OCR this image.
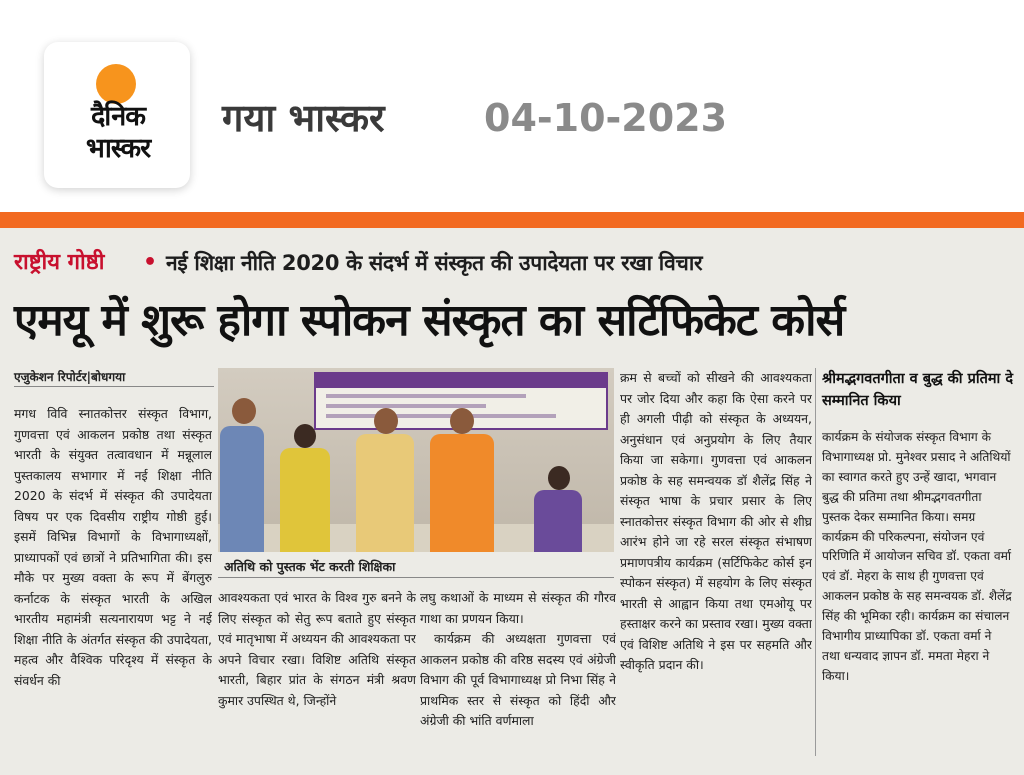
दैनिक
भास्कर
गया भास्कर	04-10-2023
राष्ट्रीय गोष्ठी • नई शिक्षा नीति 2020 के संदर्भ में संस्कृत की उपादेयता पर रखा विचार
एमयू में शुरू होगा स्पोकन संस्कृत का सर्टिफिकेट कोर्स
एजुकेशन रिपोर्टर|बोधगया

मगध विवि स्नातकोत्तर संस्कृत विभाग, गुणवत्ता एवं आकलन प्रकोष्ठ तथा संस्कृत भारती के संयुक्त तत्वावधान में मन्नूलाल पुस्तकालय सभागार में नई शिक्षा नीति 2020 के संदर्भ में संस्कृत की उपादेयता विषय पर एक दिवसीय राष्ट्रीय गोष्ठी हुई। इसमें विभिन्न विभागों के विभागाध्यक्षों, प्राध्यापकों एवं छात्रों ने प्रतिभागिता की। इस मौके पर मुख्य वक्ता के रूप में बेंगलुरु कर्नाटक के संस्कृत भारती के अखिल भारतीय महामंत्री सत्यनारायण भट्ट ने नई शिक्षा नीति के अंतर्गत संस्कृत की उपादेयता, महत्व और वैश्विक परिदृश्य में संस्कृत के संवर्धन की

अतिथि को पुस्तक भेंट करती शिक्षिका

आवश्यकता एवं भारत के विश्व गुरु बनने के लिए संस्कृत को सेतु रूप बताते हुए संस्कृत एवं मातृभाषा में अध्ययन की आवश्यकता पर अपने विचार रखा। विशिष्ट अतिथि संस्कृत भारती, बिहार प्रांत के संगठन मंत्री श्रवण कुमार उपस्थित थे, जिन्होंने

लघु कथाओं के माध्यम से संस्कृत की गौरव गाथा का प्रणयन किया।

कार्यक्रम की अध्यक्षता गुणवत्ता एवं आकलन प्रकोष्ठ की वरिष्ठ सदस्य एवं अंग्रेजी विभाग की पूर्व विभागाध्यक्ष प्रो निभा सिंह ने प्राथमिक स्तर से संस्कृत को हिंदी और अंग्रेजी की भांति वर्णमाला

क्रम से बच्चों को सीखने की आवश्यकता पर जोर दिया और कहा कि ऐसा करने पर ही अगली पीढ़ी को संस्कृत के अध्ययन, अनुसंधान एवं अनुप्रयोग के लिए तैयार किया जा सकेगा। गुणवत्ता एवं आकलन प्रकोष्ठ के सह समन्वयक डॉ शैलेंद्र सिंह ने संस्कृत भाषा के प्रचार प्रसार के लिए स्नातकोत्तर संस्कृत विभाग की ओर से शीघ्र आरंभ होने जा रहे सरल संस्कृत संभाषण प्रमाणपत्रीय कार्यक्रम (सर्टिफिकेट कोर्स इन स्पोकन संस्कृत) में सहयोग के लिए संस्कृत भारती से आह्वान किया तथा एमओयू पर हस्ताक्षर करने का प्रस्ताव रखा। मुख्य वक्ता एवं विशिष्ट अतिथि ने इस पर सहमति और स्वीकृति प्रदान की।

श्रीमद्भगवतगीता व बुद्ध की प्रतिमा दे सम्मानित किया

कार्यक्रम के संयोजक संस्कृत विभाग के विभागाध्यक्ष प्रो. मुनेश्वर प्रसाद ने अतिथियों का स्वागत करते हुए उन्हें खादा, भगवान बुद्ध की प्रतिमा तथा श्रीमद्भगवतगीता पुस्तक देकर सम्मानित किया। समग्र कार्यक्रम की परिकल्पना, संयोजन एवं परिणिति में आयोजन सचिव डॉ. एकता वर्मा एवं डॉ. मेहरा के साथ ही गुणवत्ता एवं आकलन प्रकोष्ठ के सह समन्वयक डॉ. शैलेंद्र सिंह की भूमिका रही। कार्यक्रम का संचालन विभागीय प्राध्यापिका डॉ. एकता वर्मा ने तथा धन्यवाद ज्ञापन डॉ. ममता मेहरा ने किया।
